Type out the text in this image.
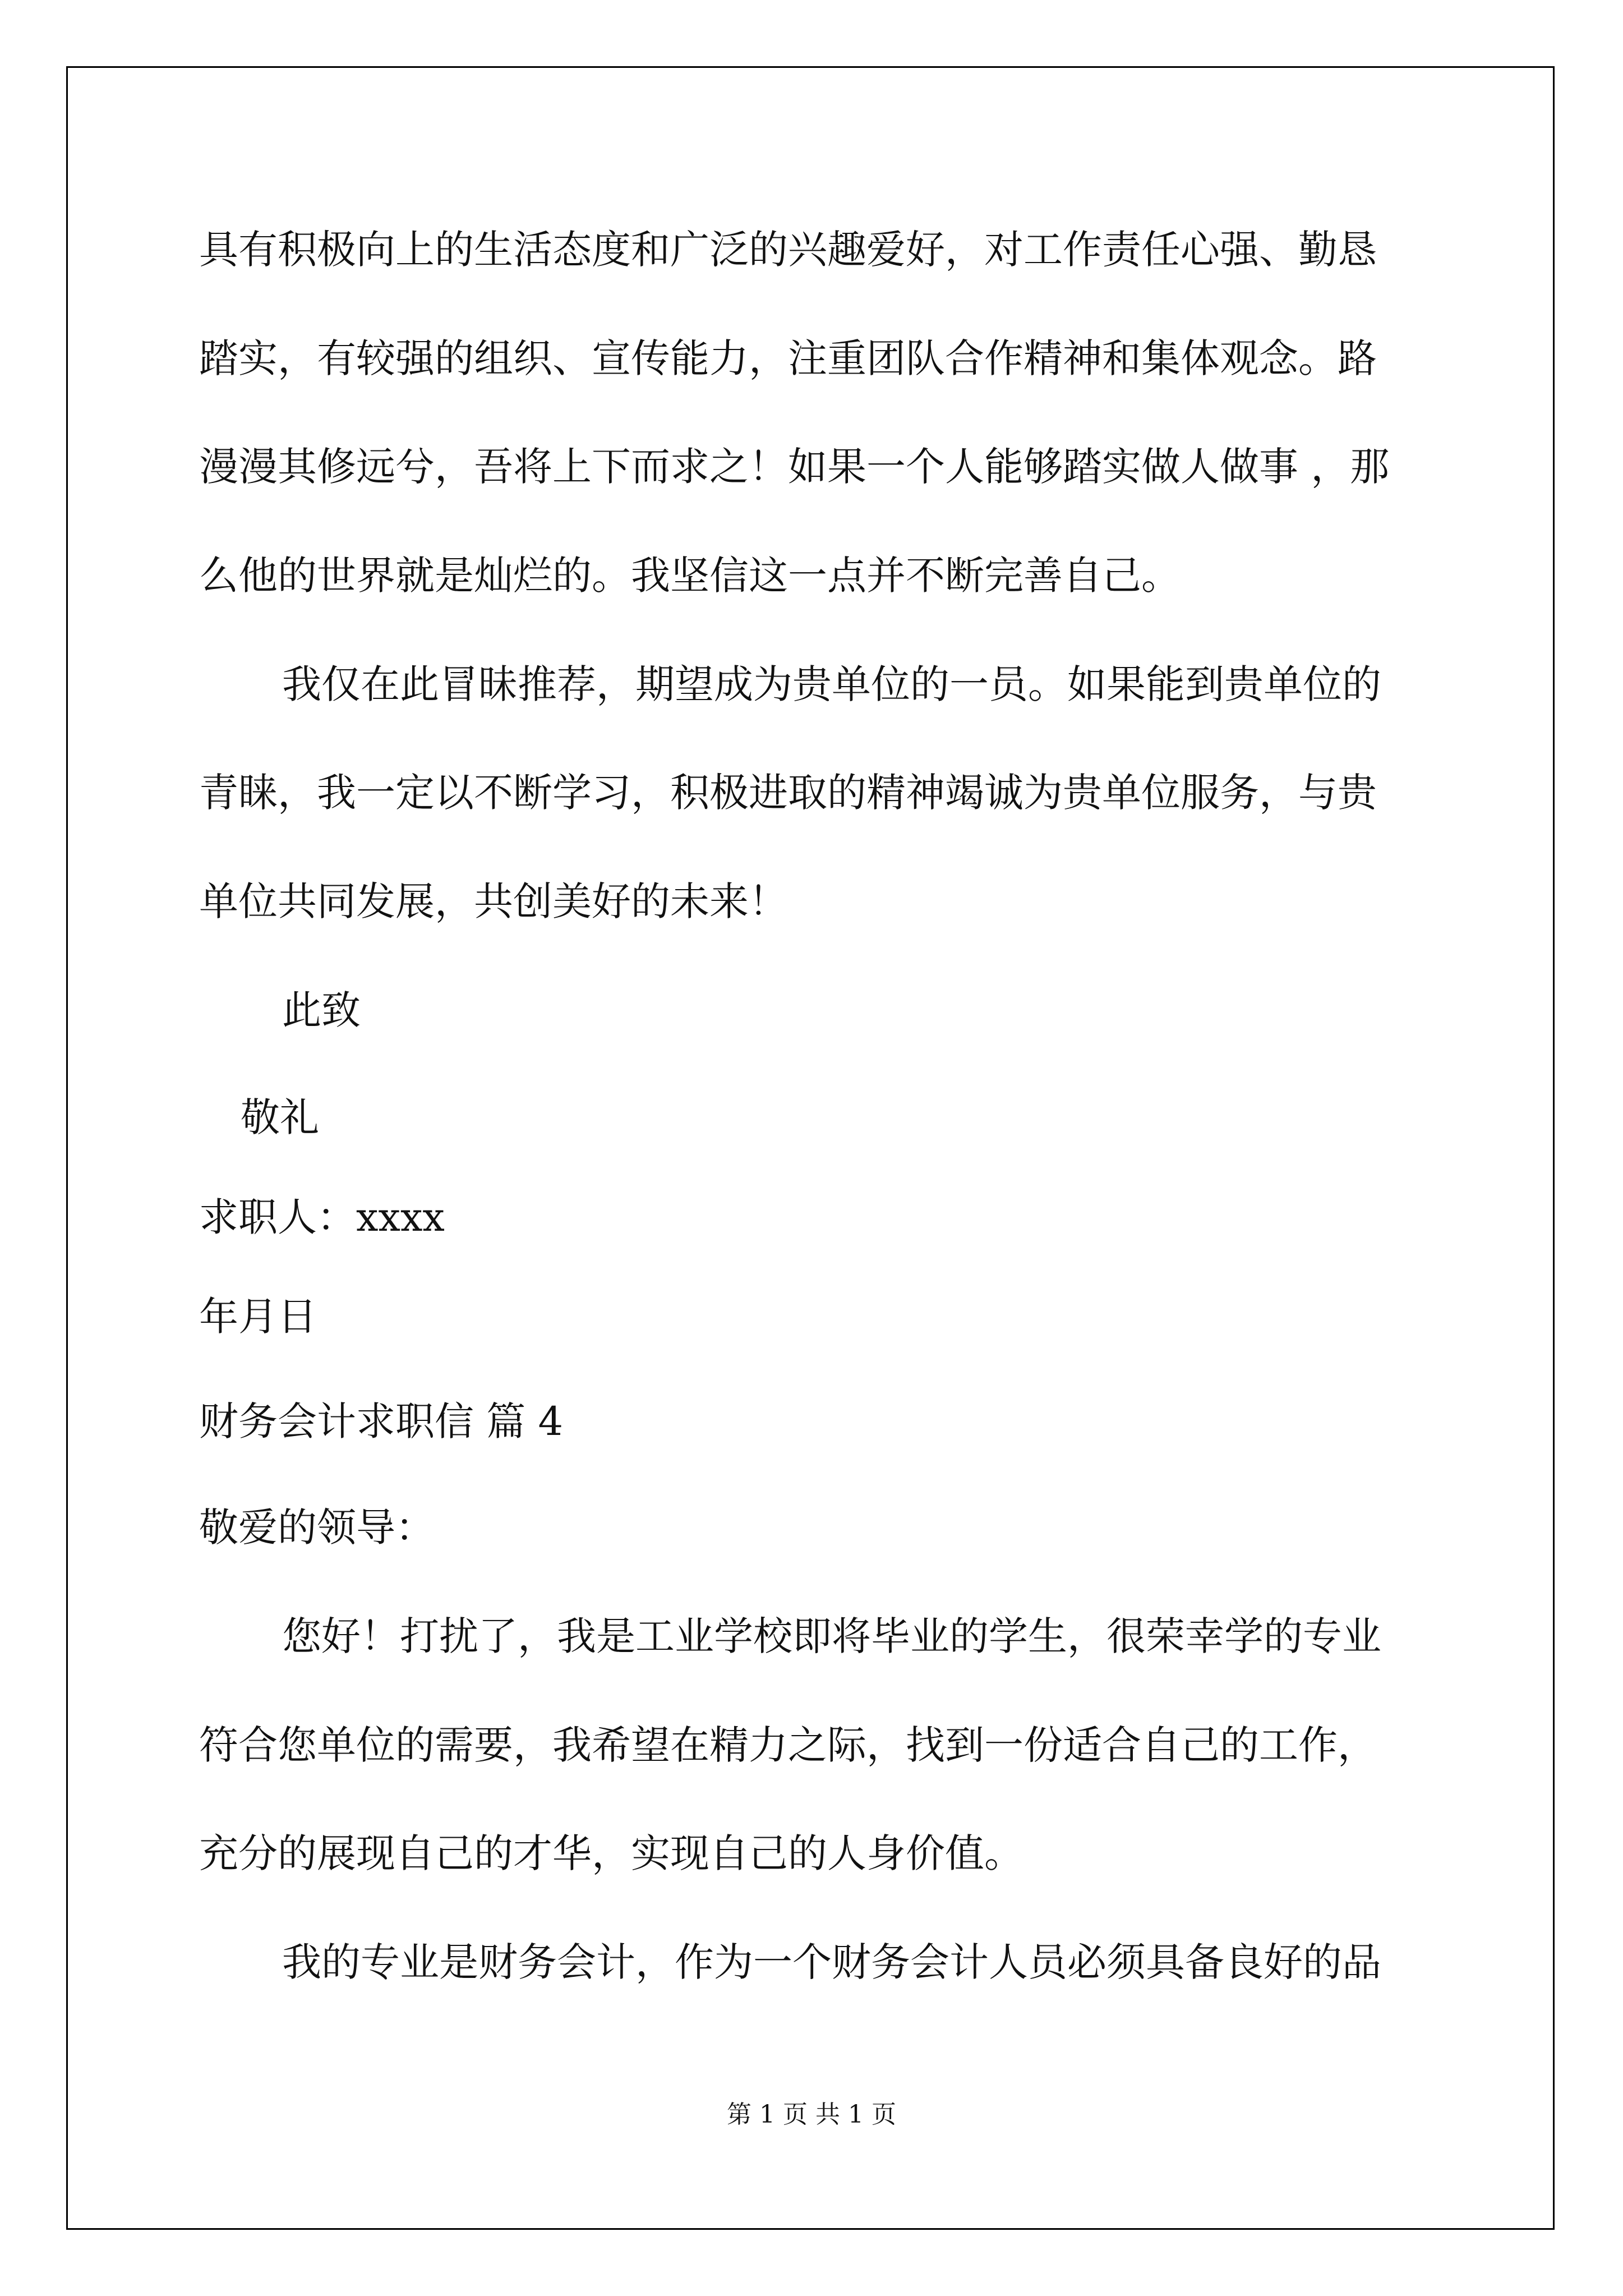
具有积极向上的生活态度和广泛的兴趣爱好，对工作责任心强、勤恳
踏实，有较强的组织、宣传能力，注重团队合作精神和集体观念。路
漫漫其修远兮，吾将上下而求之！如果一个人能够踏实做人做事 ，那
么他的世界就是灿烂的。我坚信这一点并不断完善自己。
我仅在此冒昧推荐，期望成为贵单位的一员。如果能到贵单位的
青睐，我一定以不断学习，积极进取的精神竭诚为贵单位服务，与贵
单位共同发展，共创美好的未来！
此致
敬礼
求职人：xxxx
年月日
财务会计求职信 篇 4
敬爱的领导：
您好！打扰了，我是工业学校即将毕业的学生，很荣幸学的专业
符合您单位的需要，我希望在精力之际，找到一份适合自己的工作，
充分的展现自己的才华，实现自己的人身价值。
我的专业是财务会计，作为一个财务会计人员必须具备良好的品
第 1 页 共 1 页
